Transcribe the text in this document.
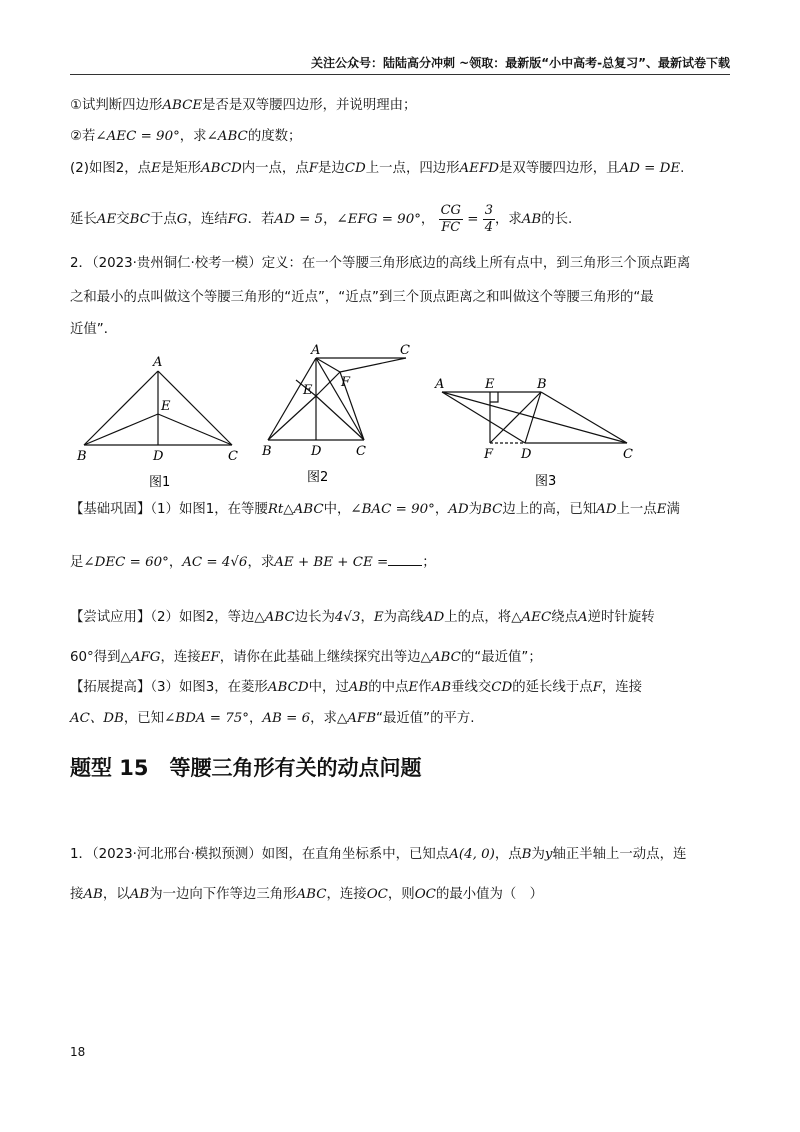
关注公众号：陆陆高分冲刺 ~领取：最新版“小中高考-总复习”、最新试卷下载
①试判断四边形ABCE是否是双等腰四边形，并说明理由；
②若∠AEC = 90°，求∠ABC的度数；
(2)如图2，点E是矩形ABCD内一点，点F是边CD上一点，四边形AEFD是双等腰四边形，且AD = DE.
延长AE交BC于点G，连结FG．若AD = 5，∠EFG = 90°， $\frac{CG}{FC} = \frac{3}{4}$ ，求AB的长.
2．（2023·贵州铜仁·校考一模）定义：在一个等腰三角形底边的高线上所有点中，到三角形三个顶点距离
之和最小的点叫做这个等腰三角形的“近点”，“近点”到三个顶点距离之和叫做这个等腰三角形的“最
近值”．
A
E
B	D	C
图1
A	C
E
F
B	D	C
图2
A	E	B
F D	C
图3
【基础巩固】（1）如图1，在等腰Rt△ABC中，∠BAC = 90°，AD为BC边上的高，已知AD上一点E满
足∠DEC = 60°，AC = 4√6，求AE + BE + CE =	；
【尝试应用】（2）如图2，等边△ABC边长为4√3，E为高线AD上的点，将△AEC绕点A逆时针旋转
60°得到△AFG，连接EF，请你在此基础上继续探究出等边△ABC的“最近值”；
【拓展提高】（3）如图3，在菱形ABCD中，过AB的中点E作AB垂线交CD的延长线于点F，连接
AC、DB，已知∠BDA = 75°，AB = 6，求△AFB“最近值”的平方.
题型 15　等腰三角形有关的动点问题
1．（2023·河北邢台·模拟预测）如图，在直角坐标系中，已知点A(4, 0)，点B为y轴正半轴上一动点，连
接AB，以AB为一边向下作等边三角形ABC，连接OC，则OC的最小值为（　）
18
